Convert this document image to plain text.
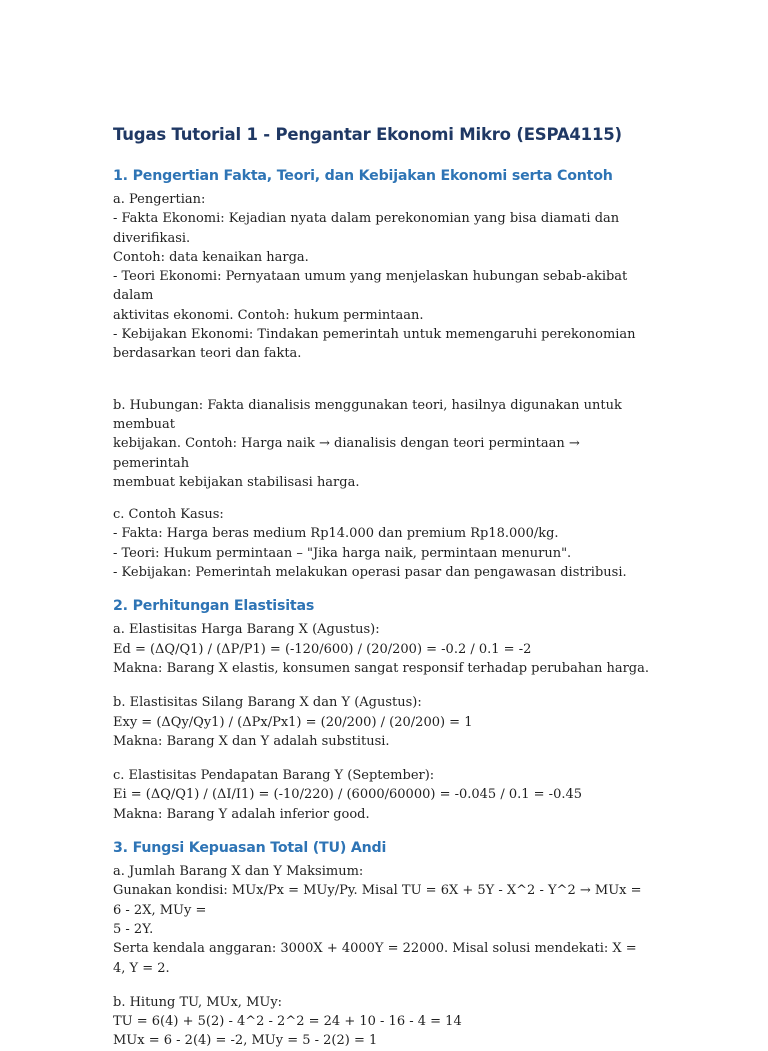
Tugas Tutorial 1 - Pengantar Ekonomi Mikro (ESPA4115)
1. Pengertian Fakta, Teori, dan Kebijakan Ekonomi serta Contoh

a. Pengertian:
- Fakta Ekonomi: Kejadian nyata dalam perekonomian yang bisa diamati dan diverifikasi.
Contoh: data kenaikan harga.
- Teori Ekonomi: Pernyataan umum yang menjelaskan hubungan sebab-akibat dalam
aktivitas ekonomi. Contoh: hukum permintaan.
- Kebijakan Ekonomi: Tindakan pemerintah untuk memengaruhi perekonomian
berdasarkan teori dan fakta.

b. Hubungan: Fakta dianalisis menggunakan teori, hasilnya digunakan untuk membuat
kebijakan. Contoh: Harga naik → dianalisis dengan teori permintaan → pemerintah
membuat kebijakan stabilisasi harga.

c. Contoh Kasus:
- Fakta: Harga beras medium Rp14.000 dan premium Rp18.000/kg.
- Teori: Hukum permintaan – "Jika harga naik, permintaan menurun".
- Kebijakan: Pemerintah melakukan operasi pasar dan pengawasan distribusi.

2. Perhitungan Elastisitas

a. Elastisitas Harga Barang X (Agustus):
Ed = (ΔQ/Q1) / (ΔP/P1) = (-120/600) / (20/200) = -0.2 / 0.1 = -2
Makna: Barang X elastis, konsumen sangat responsif terhadap perubahan harga.

b. Elastisitas Silang Barang X dan Y (Agustus):
Exy = (ΔQy/Qy1) / (ΔPx/Px1) = (20/200) / (20/200) = 1
Makna: Barang X dan Y adalah substitusi.

c. Elastisitas Pendapatan Barang Y (September):
Ei = (ΔQ/Q1) / (ΔI/I1) = (-10/220) / (6000/60000) = -0.045 / 0.1 = -0.45
Makna: Barang Y adalah inferior good.

3. Fungsi Kepuasan Total (TU) Andi

a. Jumlah Barang X dan Y Maksimum:
Gunakan kondisi: MUx/Px = MUy/Py. Misal TU = 6X + 5Y - X^2 - Y^2 → MUx = 6 - 2X, MUy =
5 - 2Y.
Serta kendala anggaran: 3000X + 4000Y = 22000. Misal solusi mendekati: X = 4, Y = 2.

b. Hitung TU, MUx, MUy:
TU = 6(4) + 5(2) - 4^2 - 2^2 = 24 + 10 - 16 - 4 = 14
MUx = 6 - 2(4) = -2, MUy = 5 - 2(2) = 1
